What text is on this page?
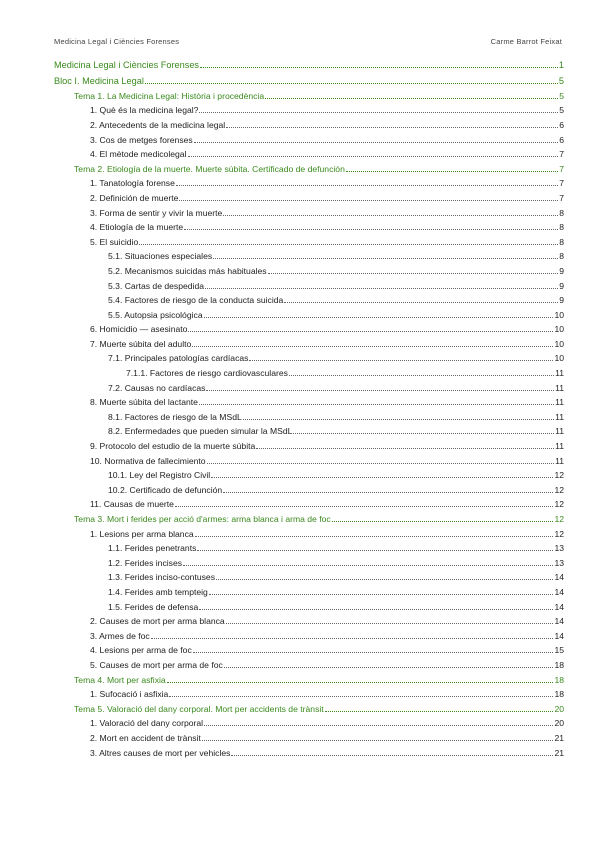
Medicina Legal i Ciències Forenses	Carme Barrot Feixat
Medicina Legal i Ciències Forenses	1
Bloc I. Medicina Legal	5
Tema 1. La Medicina Legal: Història i procedència	5
1. Què és la medicina legal?	5
2. Antecedents de la medicina legal	6
3. Cos de metges forenses	6
4. El mètode medicolegal	7
Tema 2. Etiología de la muerte. Muerte súbita. Certificado de defunción	7
1. Tanatología forense	7
2. Definición de muerte	7
3. Forma de sentir y vivir la muerte	8
4. Etiología de la muerte	8
5. El suicidio	8
5.1. Situaciones especiales	8
5.2. Mecanismos suicidas más habituales	9
5.3. Cartas de despedida	9
5.4. Factores de riesgo de la conducta suicida	9
5.5. Autopsia psicológica	10
6. Homicidio — asesinato	10
7. Muerte súbita del adulto	10
7.1. Principales patologías cardíacas	10
7.1.1. Factores de riesgo cardiovasculares	11
7.2. Causas no cardíacas	11
8. Muerte súbita del lactante	11
8.1. Factores de riesgo de la MSdL	11
8.2. Enfermedades que pueden simular la MSdL	11
9. Protocolo del estudio de la muerte súbita	11
10. Normativa de fallecimiento	11
10.1. Ley del Registro Civil	12
10.2. Certificado de defunción	12
11. Causas de muerte	12
Tema 3. Mort i ferides per acció d'armes: arma blanca i arma de foc	12
1. Lesions per arma blanca	12
1.1. Ferides penetrants	13
1.2. Ferides incises	13
1.3. Ferides inciso-contuses	14
1.4. Ferides amb tempteig	14
1.5. Ferides de defensa	14
2. Causes de mort per arma blanca	14
3. Armes de foc	14
4. Lesions per arma de foc	15
5. Causes de mort per arma de foc	18
Tema 4. Mort per asfixia	18
1. Sufocació i asfixia	18
Tema 5. Valoració del dany corporal. Mort per accidents de trànsit	20
1. Valoració del dany corporal	20
2. Mort en accident de trànsit	21
3. Altres causes de mort per vehicles	21
